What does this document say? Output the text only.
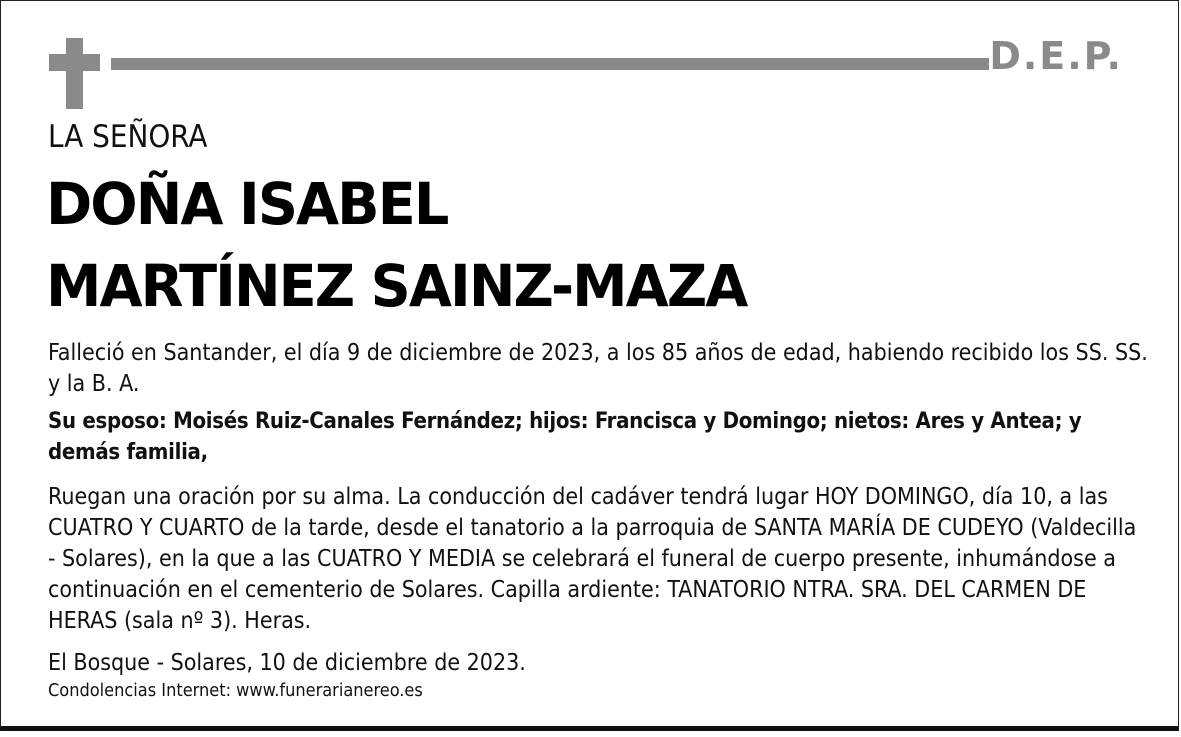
D.E.P.
LA SEÑORA
DOÑA ISABEL
MARTÍNEZ SAINZ-MAZA

Falleció en Santander, el día 9 de diciembre de 2023, a los 85 años de edad, habiendo recibido los SS. SS. y la B. A.

Su esposo: Moisés Ruiz-Canales Fernández; hijos: Francisca y Domingo; nietos: Ares y Antea; y demás familia,

Ruegan una oración por su alma. La conducción del cadáver tendrá lugar HOY DOMINGO, día 10, a las CUATRO Y CUARTO de la tarde, desde el tanatorio a la parroquia de SANTA MARÍA DE CUDEYO (Valdecilla - Solares), en la que a las CUATRO Y MEDIA se celebrará el funeral de cuerpo presente, inhumándose a continuación en el cementerio de Solares. Capilla ardiente: TANATORIO NTRA. SRA. DEL CARMEN DE HERAS (sala nº 3). Heras.

El Bosque - Solares, 10 de diciembre de 2023.
Condolencias Internet: www.funerarianereo.es
